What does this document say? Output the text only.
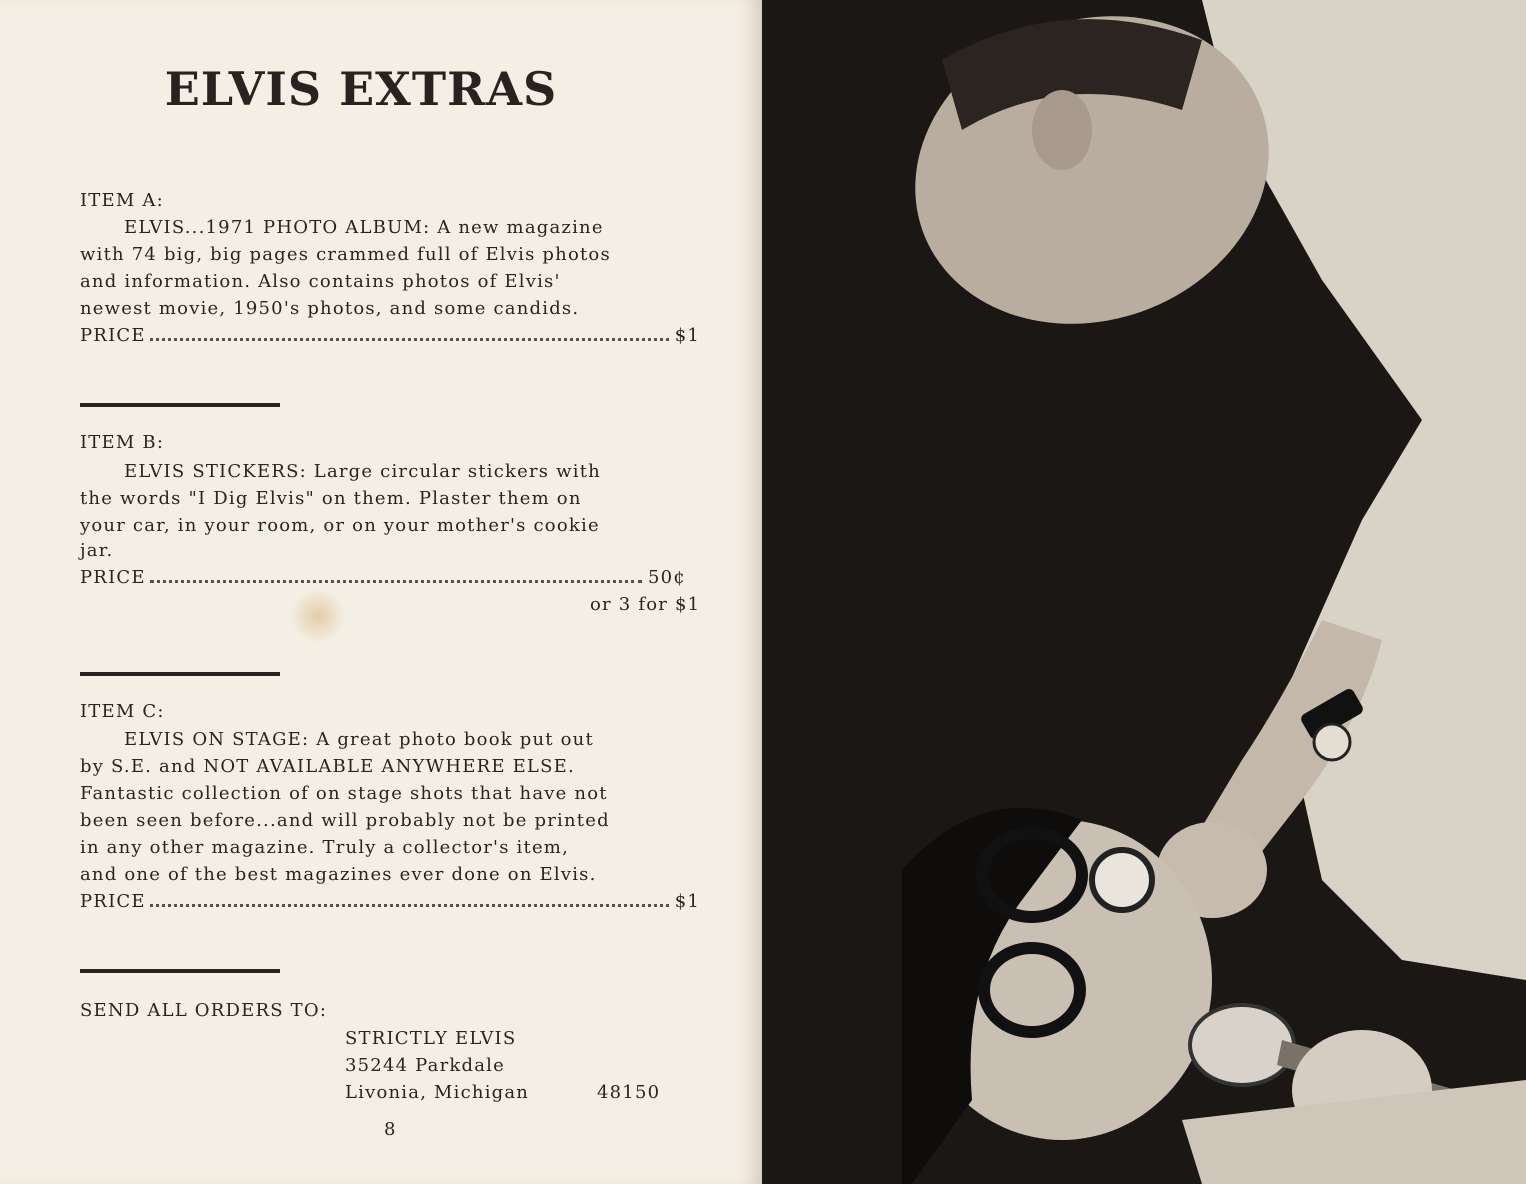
ELVIS EXTRAS

ITEM A:

ELVIS...1971 PHOTO ALBUM: A new magazine

with 74 big, big pages crammed full of Elvis photos

and information. Also contains photos of Elvis'

newest movie, 1950's photos, and some candids.

PRICE	$1

ITEM B:

ELVIS STICKERS: Large circular stickers with

the words "I Dig Elvis" on them. Plaster them on

your car, in your room, or on your mother's cookie

jar.

PRICE	50¢

or 3 for $1

ITEM C:

ELVIS ON STAGE: A great photo book put out

by S.E. and NOT AVAILABLE ANYWHERE ELSE.

Fantastic collection of on stage shots that have not

been seen before...and will probably not be printed

in any other magazine. Truly a collector's item,

and one of the best magazines ever done on Elvis.

PRICE	$1

SEND ALL ORDERS TO:

STRICTLY ELVIS

35244 Parkdale

Livonia, Michigan	48150

8
